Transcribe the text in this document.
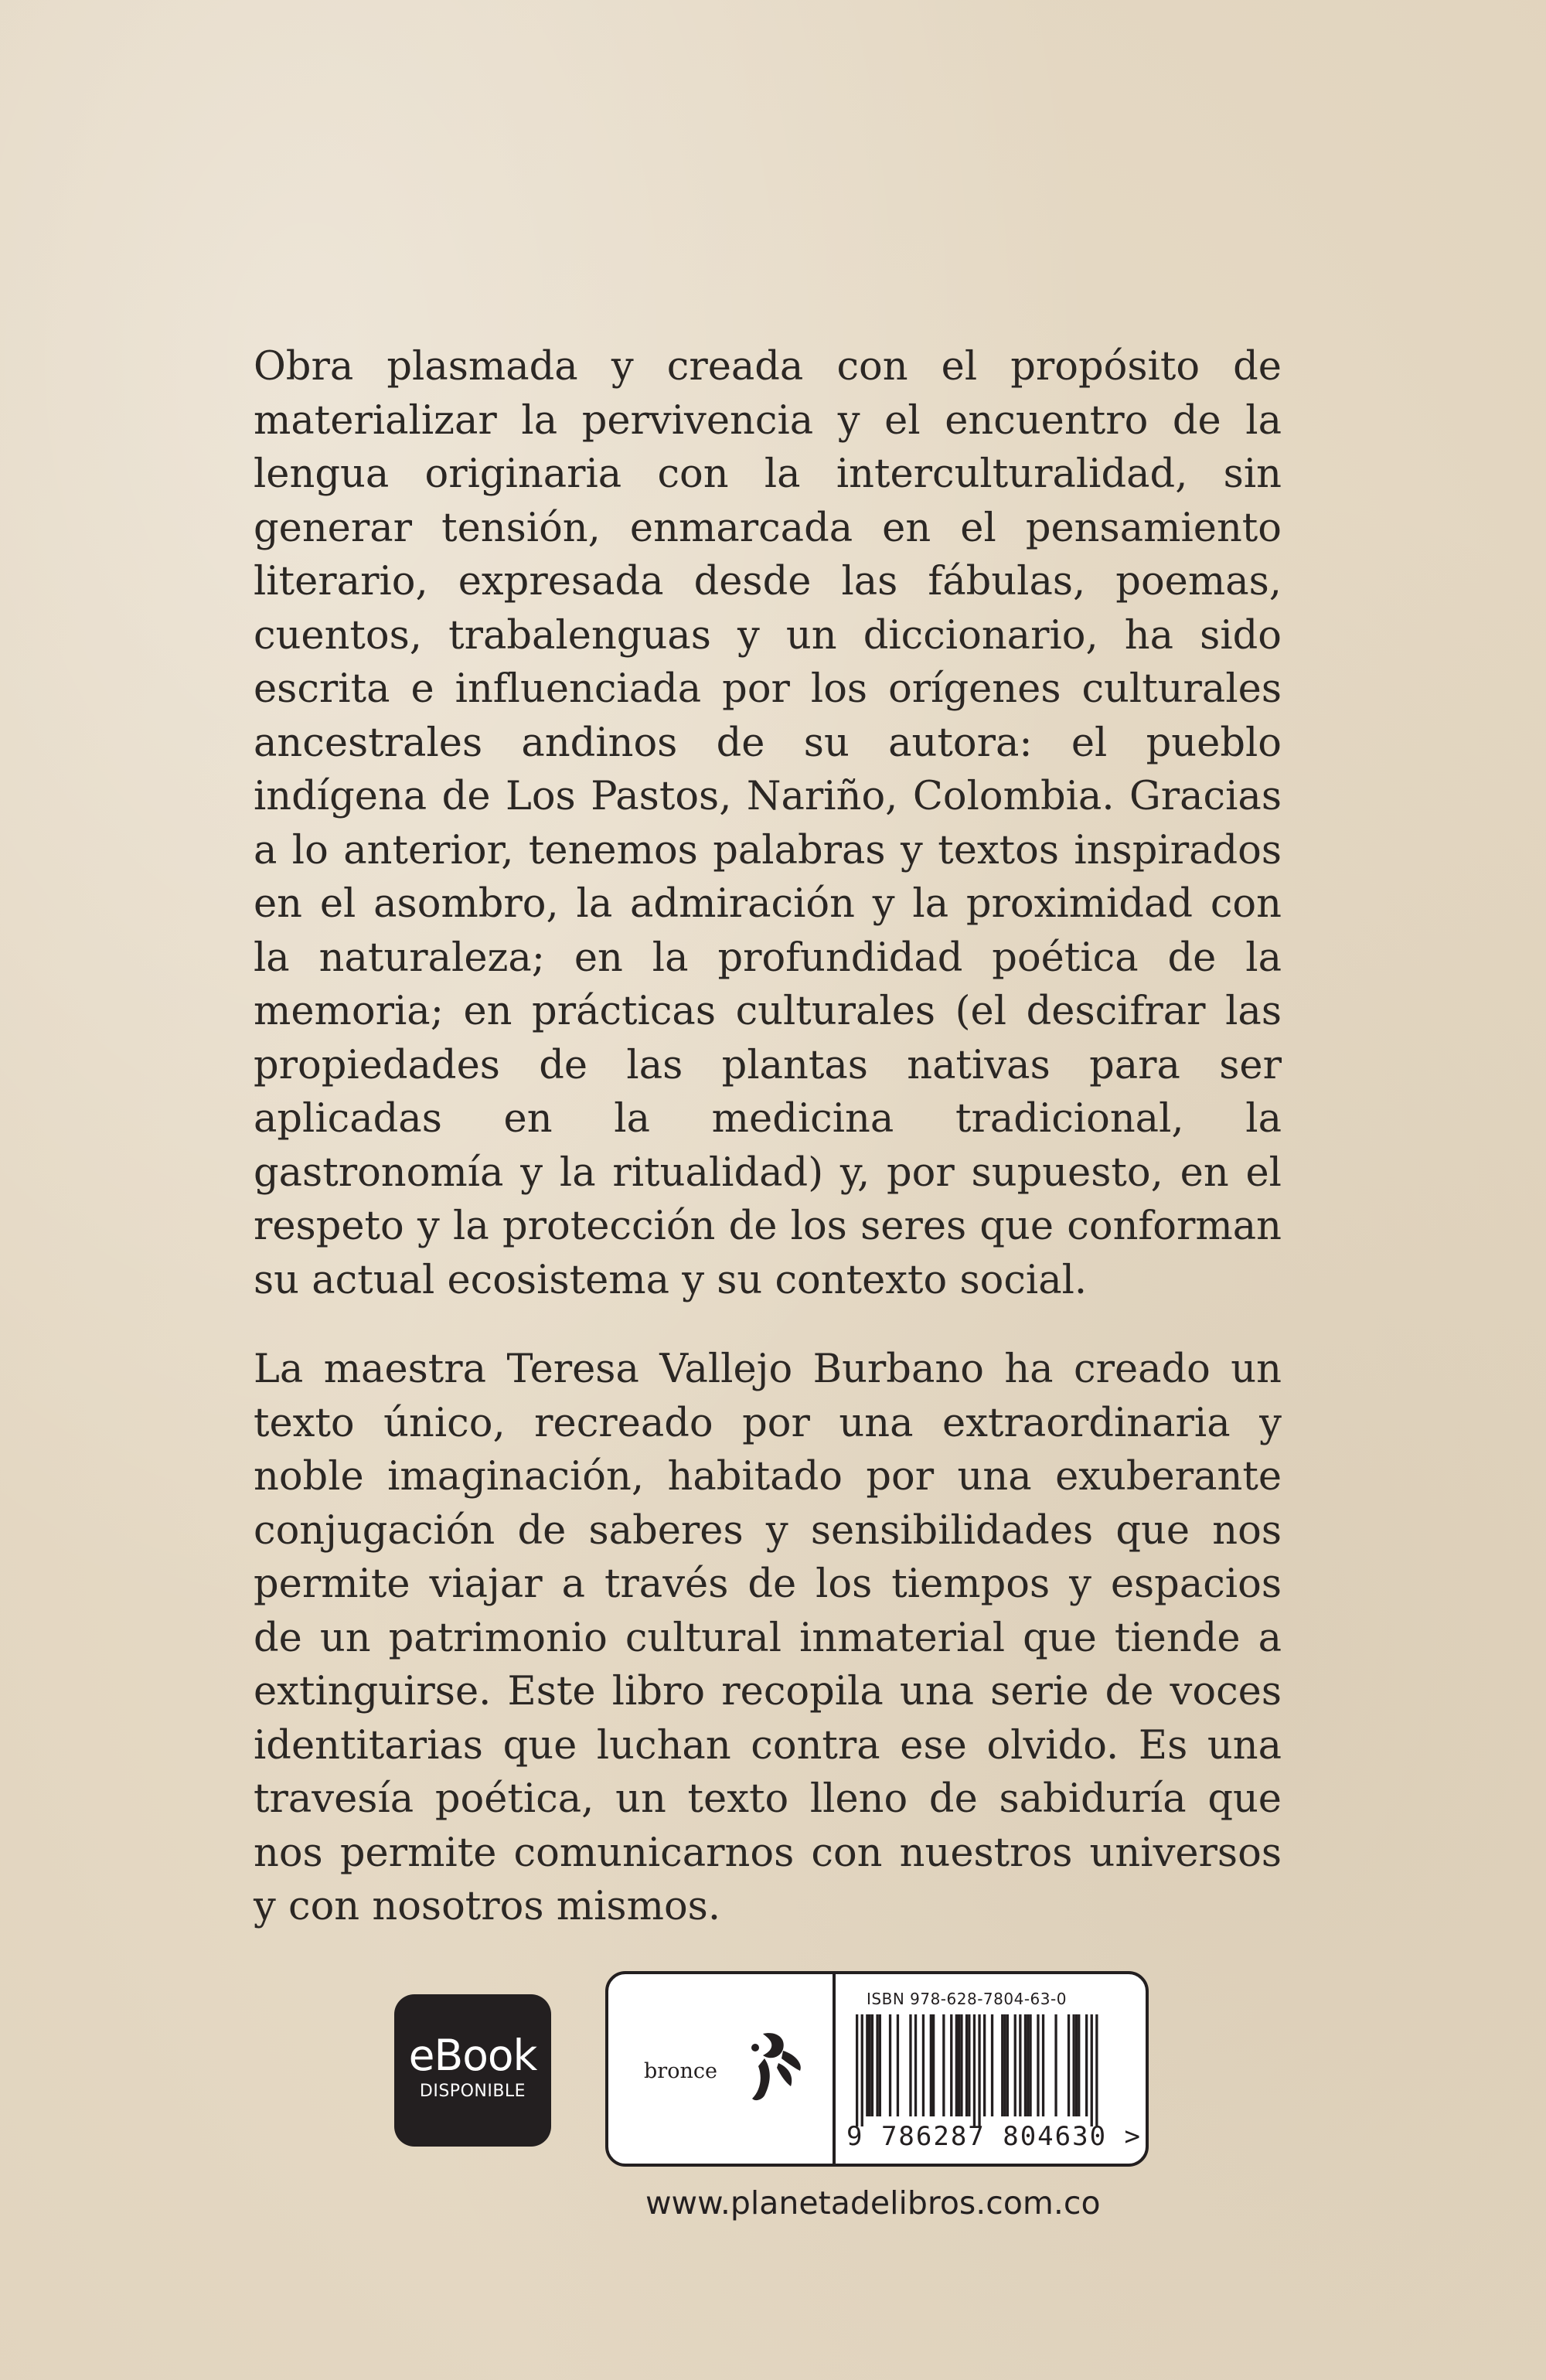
Obra plasmada y creada con el propósito de materializar la pervivencia y el encuentro de la lengua originaria con la interculturalidad, sin generar tensión, enmarcada en el pensamiento literario, expresada desde las fábulas, poemas, cuentos, trabalenguas y un diccionario, ha sido escrita e influenciada por los orígenes culturales ancestrales andinos de su autora: el pueblo indígena de Los Pastos, Nariño, Colombia. Gracias a lo anterior, tenemos palabras y textos inspirados en el asombro, la admiración y la proximidad con la naturaleza; en la profundidad poética de la memoria; en prácticas culturales (el descifrar las propiedades de las plantas nativas para ser aplicadas en la medicina tradicional, la gastronomía y la ritualidad) y, por supuesto, en el respeto y la protección de los seres que conforman su actual ecosistema y su contexto social.

La maestra Teresa Vallejo Burbano ha creado un texto único, recreado por una extraordinaria y noble imaginación, habitado por una exuberante conjugación de saberes y sensibilidades que nos permite viajar a través de los tiempos y espacios de un patrimonio cultural inmaterial que tiende a extinguirse. Este libro recopila una serie de voces identitarias que luchan contra ese olvido. Es una travesía poética, un texto lleno de sabiduría que nos permite comunicarnos con nuestros universos y con nosotros mismos.

eBook
DISPONIBLE
bronce
ISBN 978-628-7804-63-0
9 786287 804630 >
www.planetadelibros.com.co
